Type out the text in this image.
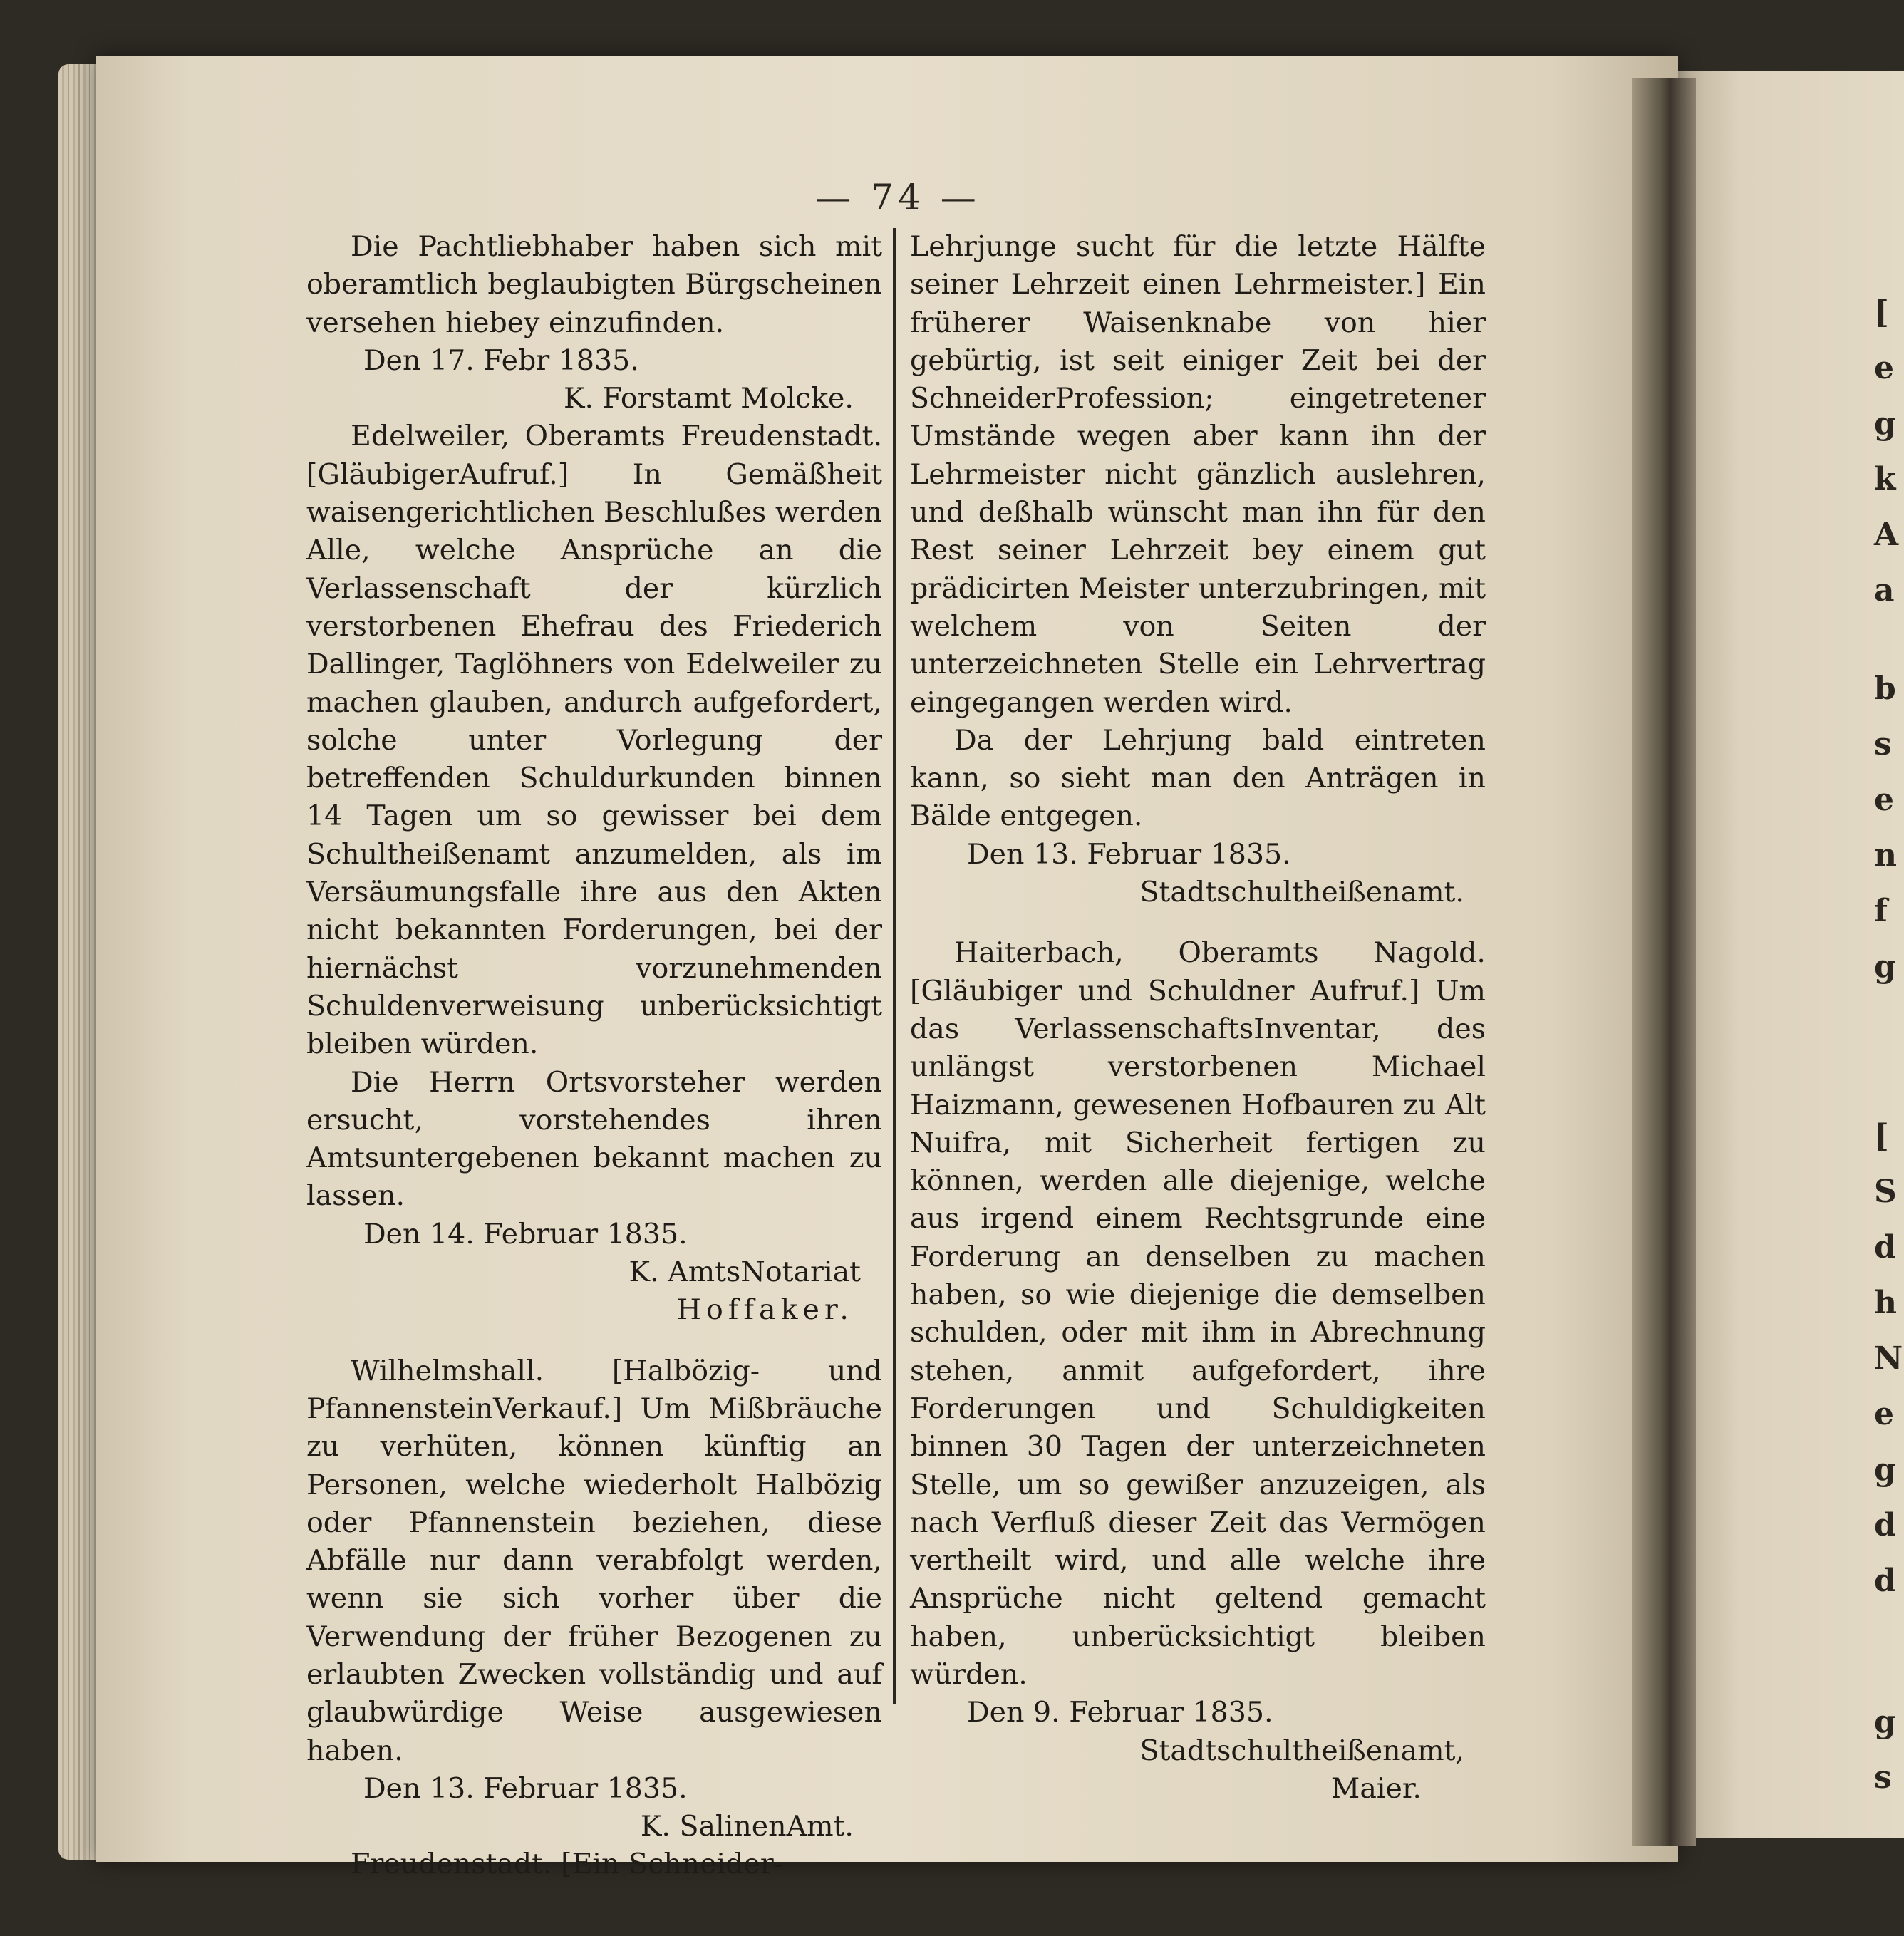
— 74 —

Die Pachtliebhaber haben sich mit oberamtlich beglaubigten Bürgscheinen versehen hiebey einzufinden.

Den 17. Febr 1835.

K. Forstamt Molcke.

Edelweiler, Oberamts Freudenstadt. [GläubigerAufruf.] In Gemäßheit waisengerichtlichen Beschlußes werden Alle, welche Ansprüche an die Verlassenschaft der kürzlich verstorbenen Ehefrau des Friederich Dallinger, Taglöhners von Edelweiler zu machen glauben, andurch aufgefordert, solche unter Vorlegung der betreffenden Schuldurkunden binnen 14 Tagen um so gewisser bei dem Schultheißenamt anzumelden, als im Versäumungsfalle ihre aus den Akten nicht bekannten Forderungen, bei der hiernächst vorzunehmenden Schuldenverweisung unberücksichtigt bleiben würden.

Die Herrn Ortsvorsteher werden ersucht, vorstehendes ihren Amtsuntergebenen bekannt machen zu lassen.

Den 14. Februar 1835.

K. AmtsNotariat

Hoffaker.

Wilhelmshall. [Halbözig- und PfannensteinVerkauf.] Um Mißbräuche zu verhüten, können künftig an Personen, welche wiederholt Halbözig oder Pfannenstein beziehen, diese Abfälle nur dann verabfolgt werden, wenn sie sich vorher über die Verwendung der früher Bezogenen zu erlaubten Zwecken vollständig und auf glaubwürdige Weise ausgewiesen haben.

Den 13. Februar 1835.

K. SalinenAmt.

Freudenstadt. [Ein Schneider-

Lehrjunge sucht für die letzte Hälfte seiner Lehrzeit einen Lehrmeister.] Ein früherer Waisenknabe von hier gebürtig, ist seit einiger Zeit bei der SchneiderProfession; eingetretener Umstände wegen aber kann ihn der Lehrmeister nicht gänzlich auslehren, und deßhalb wünscht man ihn für den Rest seiner Lehrzeit bey einem gut prädicirten Meister unterzubringen, mit welchem von Seiten der unterzeichneten Stelle ein Lehrvertrag eingegangen werden wird.

Da der Lehrjung bald eintreten kann, so sieht man den Anträgen in Bälde entgegen.

Den 13. Februar 1835.

Stadtschultheißenamt.

Haiterbach, Oberamts Nagold. [Gläubiger und Schuldner Aufruf.] Um das VerlassenschaftsInventar, des unlängst verstorbenen Michael Haizmann, gewesenen Hofbauren zu Alt Nuifra, mit Sicherheit fertigen zu können, werden alle diejenige, welche aus irgend einem Rechtsgrunde eine Forderung an denselben zu machen haben, so wie diejenige die demselben schulden, oder mit ihm in Abrechnung stehen, anmit aufgefordert, ihre Forderungen und Schuldigkeiten binnen 30 Tagen der unterzeichneten Stelle, um so gewißer anzuzeigen, als nach Verfluß dieser Zeit das Vermögen vertheilt wird, und alle welche ihre Ansprüche nicht geltend gemacht haben, unberücksichtigt bleiben würden.

Den 9. Februar 1835.

Stadtschultheißenamt,

Maier.

[
e
g
k
A
a
b
s
e
n
f
g
[
S
d
h
N
e
g
d
d
g
s
